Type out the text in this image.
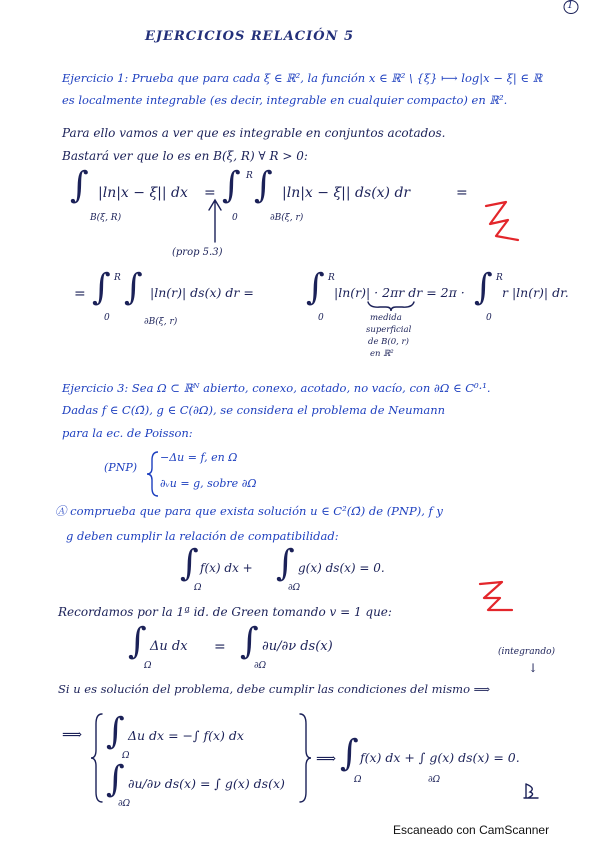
1
EJERCICIOS RELACIÓN 5
Ejercicio 1: Prueba que para cada ξ ∈ ℝ², la función x ∈ ℝ² \ {ξ} ⟼ log|x − ξ| ∈ ℝ
es localmente integrable (es decir, integrable en cualquier compacto) en ℝ².
Para ello vamos a ver que es integrable en conjuntos acotados.
Bastará ver que lo es en B(ξ, R) ∀ R > 0:
∫ |ln|x − ξ|| dx
B(ξ, R)
= ∫ R
0
∫ |ln|x − ξ|| ds(x) dr
∂B(ξ, r)
=
(prop 5.3)
= ∫ R
0
∫ |ln(r)| ds(x) dr =
∂B(ξ, r)
∫ R
0
|ln(r)| · 2πr dr = 2π · ∫ R
0
r |ln(r)| dr.
medida
superficial
de B(0, r)
en ℝ²
Ejercicio 3: Sea Ω ⊂ ℝᴺ abierto, conexo, acotado, no vacío, con ∂Ω ∈ C⁰·¹.
Dadas f ∈ C(Ω̄), g ∈ C(∂Ω), se considera el problema de Neumann
para la ec. de Poisson:
(PNP)
−Δu = f, en Ω
∂ᵥu = g, sobre ∂Ω
Ⓐ comprueba que para que exista solución u ∈ C²(Ω̄) de (PNP), f y
g deben cumplir la relación de compatibilidad:
∫ f(x) dx +
Ω
∫ g(x) ds(x) = 0.
∂Ω
Recordamos por la 1ª id. de Green tomando v = 1 que:
∫ Δu dx
Ω
= ∫ ∂u/∂ν ds(x)
∂Ω
(integrando)
↓
Si u es solución del problema, debe cumplir las condiciones del mismo ⟹
⟹ ∫ Δu dx = −∫ f(x) dx
Ω
∫ ∂u/∂ν ds(x) = ∫ g(x) ds(x)
∂Ω
⟹ ∫ f(x) dx + ∫ g(x) ds(x) = 0.
Ω	∂Ω
Escaneado con CamScanner
